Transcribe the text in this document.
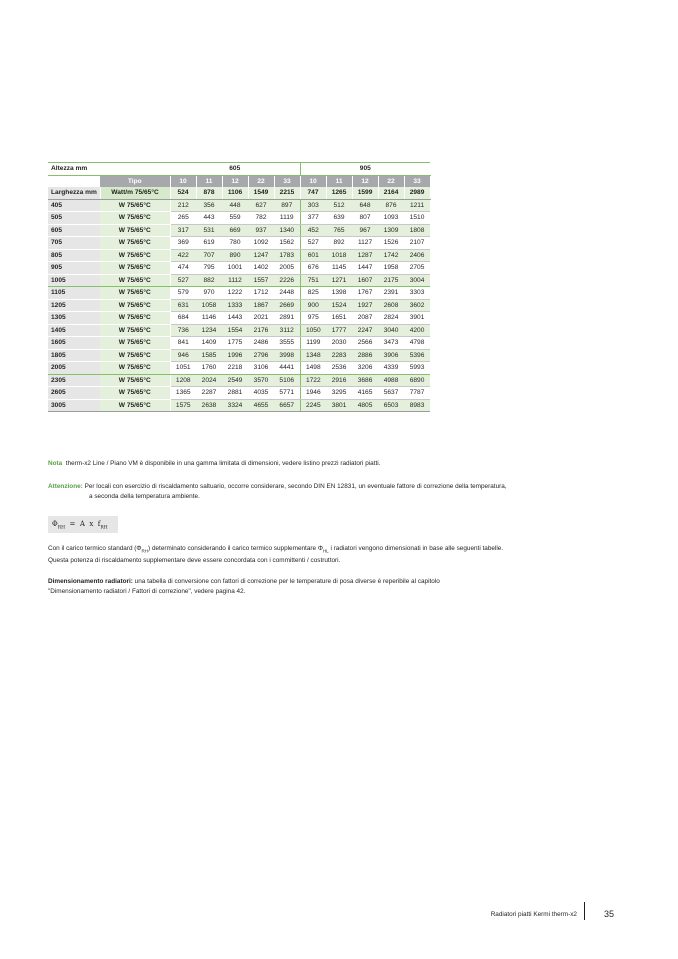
Altezza mm		605					905				
	Tipo	10	11	12	22	33	10	11	12	22	33
Larghezza mm	Watt/m 75/65°C	524	878	1106	1549	2215	747	1265	1599	2164	2989
405	W 75/65°C	212	356	448	627	897	303	512	648	876	1211
505	W 75/65°C	265	443	559	782	1119	377	639	807	1093	1510
605	W 75/65°C	317	531	669	937	1340	452	765	967	1309	1808
705	W 75/65°C	369	619	780	1092	1562	527	892	1127	1526	2107
805	W 75/65°C	422	707	890	1247	1783	601	1018	1287	1742	2406
905	W 75/65°C	474	795	1001	1402	2005	676	1145	1447	1958	2705
1005	W 75/65°C	527	882	1112	1557	2226	751	1271	1607	2175	3004
1105	W 75/65°C	579	970	1222	1712	2448	825	1398	1767	2391	3303
1205	W 75/65°C	631	1058	1333	1867	2669	900	1524	1927	2608	3602
1305	W 75/65°C	684	1146	1443	2021	2891	975	1651	2087	2824	3901
1405	W 75/65°C	736	1234	1554	2176	3112	1050	1777	2247	3040	4200
1605	W 75/65°C	841	1409	1775	2486	3555	1199	2030	2566	3473	4798
1805	W 75/65°C	946	1585	1996	2796	3998	1348	2283	2886	3906	5396
2005	W 75/65°C	1051	1760	2218	3106	4441	1498	2536	3206	4339	5993
2305	W 75/65°C	1208	2024	2549	3570	5106	1722	2916	3686	4988	6890
2605	W 75/65°C	1365	2287	2881	4035	5771	1946	3295	4165	5637	7787
3005	W 75/65°C	1575	2638	3324	4655	6657	2245	3801	4805	6503	8983
Nota therm-x2 Line / Piano VM è disponibile in una gamma limitata di dimensioni, vedere listino prezzi radiatori piatti.
Attenzione: Per locali con esercizio di riscaldamento saltuario, occorre considerare, secondo DIN EN 12831, un eventuale fattore di correzione della temperatura,
a seconda della temperatura ambiente.
$\Phi_{RH} = A$ x $f_{RH}$
Con il carico termico standard $(\Phi_{RH})$ determinato considerando il carico termico supplementare $\Phi_{HL}$ i radiatori vengono dimensionati in base alle seguenti tabelle.
Questa potenza di riscaldamento supplementare deve essere concordata con i committenti / costruttori.
Dimensionamento radiatori: una tabella di conversione con fattori di correzione per le temperature di posa diverse è reperibile al capitolo
"Dimensionamento radiatori / Fattori di correzione", vedere pagina 42.
Radiatori piatti Kermi therm-x2	35
